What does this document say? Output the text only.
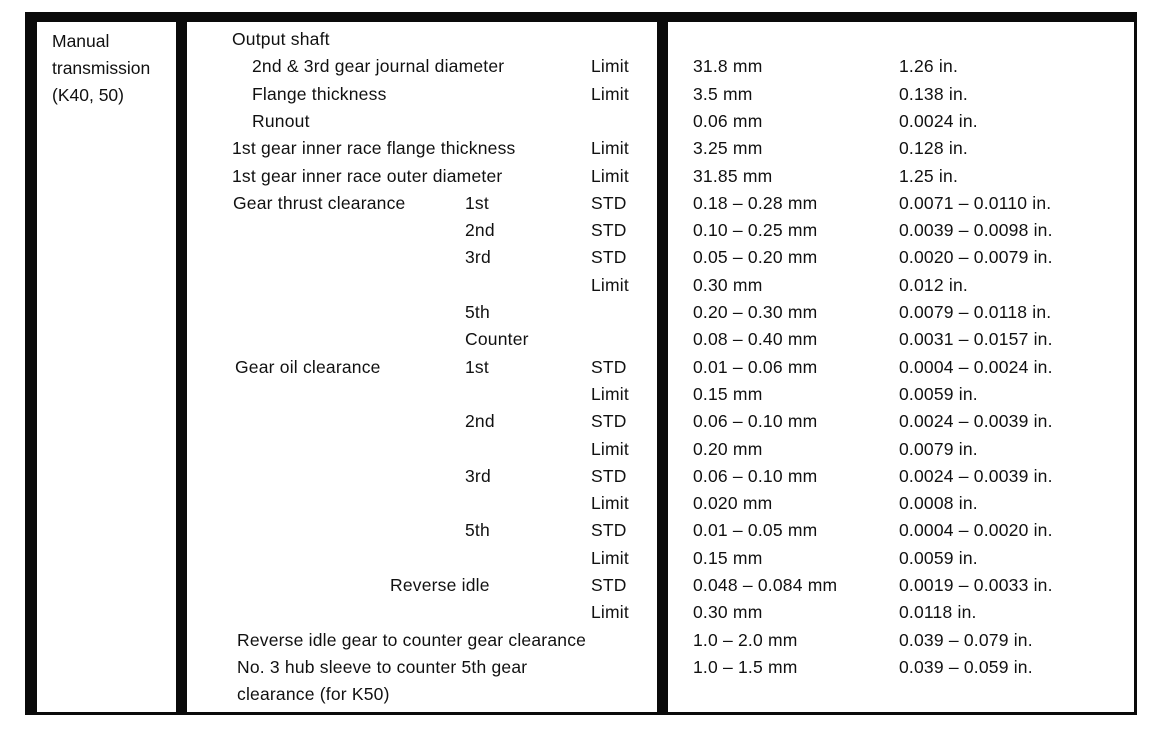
Manual
transmission
(K40, 50)
Output shaft
2nd & 3rd gear journal diameter	Limit	31.8 mm	1.26 in.
Flange thickness	Limit	3.5 mm	0.138 in.
Runout	0.06 mm	0.0024 in.
1st gear inner race flange thickness	Limit	3.25 mm	0.128 in.
1st gear inner race outer diameter	Limit	31.85 mm	1.25 in.
Gear thrust clearance	1st	STD	0.18 – 0.28 mm	0.0071 – 0.0110 in.
2nd	STD	0.10 – 0.25 mm	0.0039 – 0.0098 in.
3rd	STD	0.05 – 0.20 mm	0.0020 – 0.0079 in.
Limit	0.30 mm	0.012 in.
5th	0.20 – 0.30 mm	0.0079 – 0.0118 in.
Counter	0.08 – 0.40 mm	0.0031 – 0.0157 in.
Gear oil clearance	1st	STD	0.01 – 0.06 mm	0.0004 – 0.0024 in.
Limit	0.15 mm	0.0059 in.
2nd	STD	0.06 – 0.10 mm	0.0024 – 0.0039 in.
Limit	0.20 mm	0.0079 in.
3rd	STD	0.06 – 0.10 mm	0.0024 – 0.0039 in.
Limit	0.020 mm	0.0008 in.
5th	STD	0.01 – 0.05 mm	0.0004 – 0.0020 in.
Limit	0.15 mm	0.0059 in.
Reverse idle	STD	0.048 – 0.084 mm	0.0019 – 0.0033 in.
Limit	0.30 mm	0.0118 in.
Reverse idle gear to counter gear clearance	1.0 – 2.0 mm	0.039 – 0.079 in.
No. 3 hub sleeve to counter 5th gear	1.0 – 1.5 mm	0.039 – 0.059 in.
clearance (for K50)
